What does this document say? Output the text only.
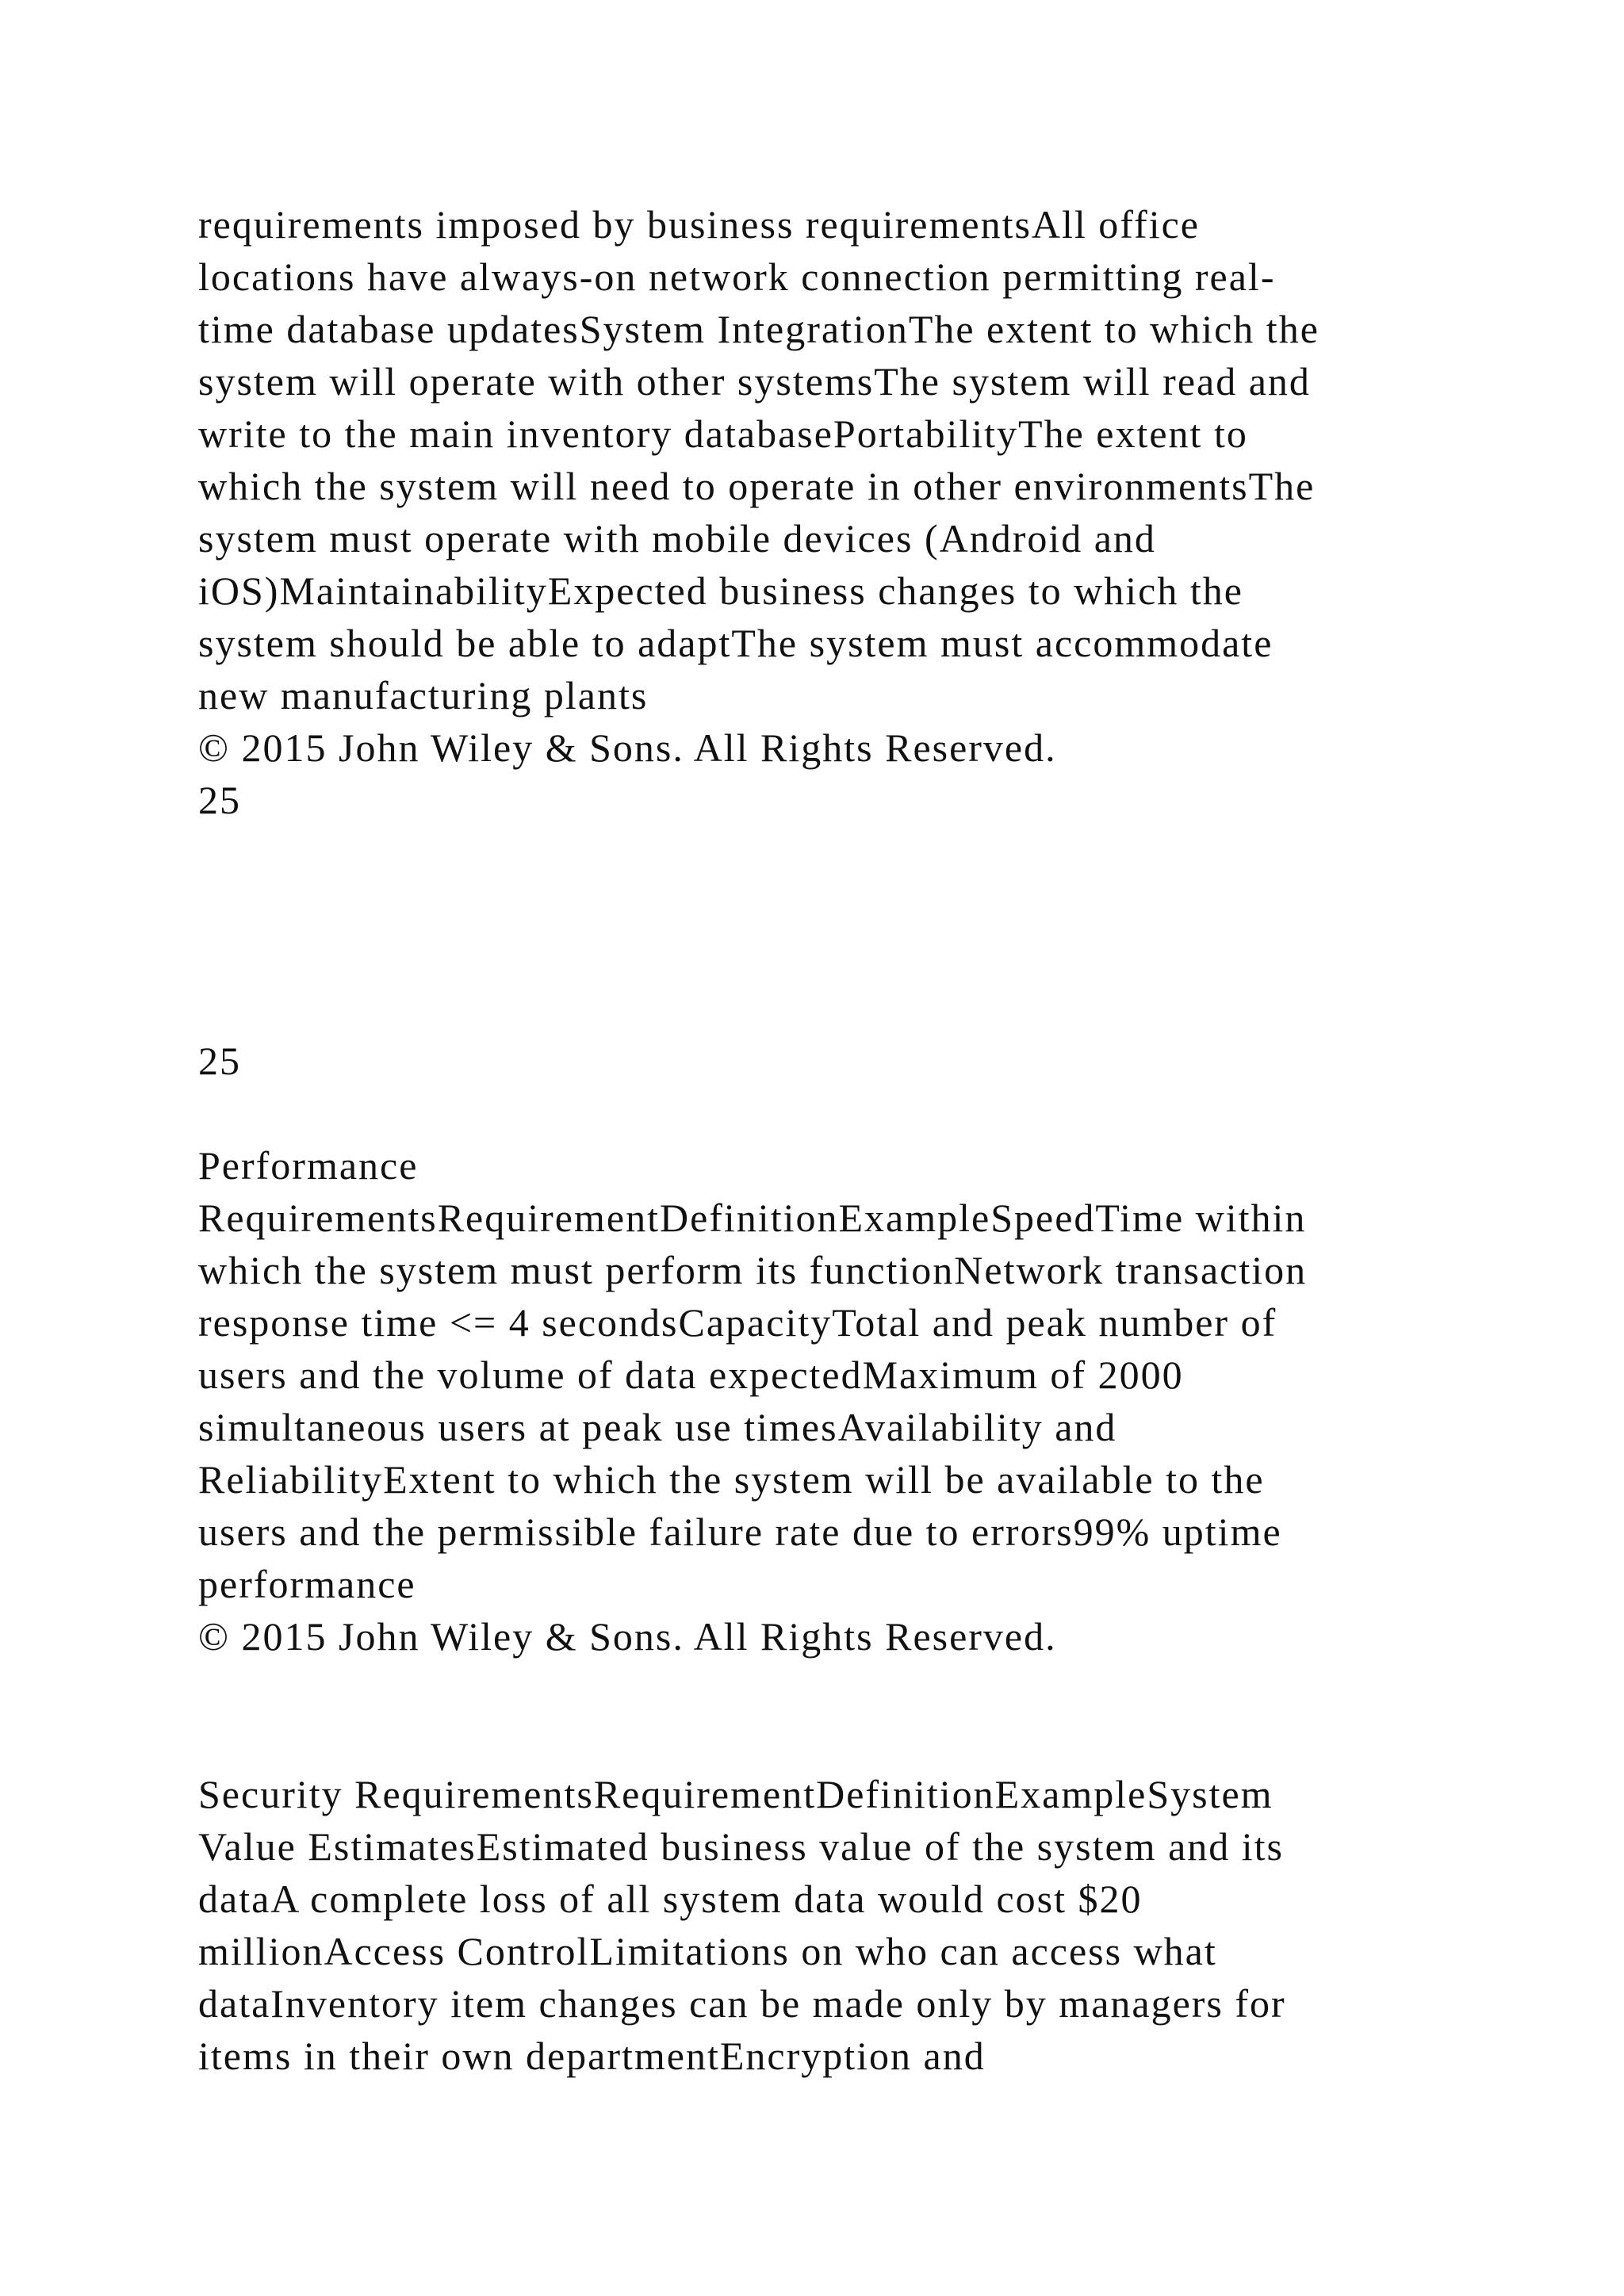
requirements imposed by business requirementsAll office
locations have always-on network connection permitting real-
time database updatesSystem IntegrationThe extent to which the
system will operate with other systemsThe system will read and
write to the main inventory databasePortabilityThe extent to
which the system will need to operate in other environmentsThe
system must operate with mobile devices (Android and
iOS)MaintainabilityExpected business changes to which the
system should be able to adaptThe system must accommodate
new manufacturing plants
© 2015 John Wiley & Sons. All Rights Reserved.
25
25
Performance
RequirementsRequirementDefinitionExampleSpeedTime within
which the system must perform its functionNetwork transaction
response time <= 4 secondsCapacityTotal and peak number of
users and the volume of data expectedMaximum of 2000
simultaneous users at peak use timesAvailability and
ReliabilityExtent to which the system will be available to the
users and the permissible failure rate due to errors99% uptime
performance
© 2015 John Wiley & Sons. All Rights Reserved.
Security RequirementsRequirementDefinitionExampleSystem
Value EstimatesEstimated business value of the system and its
dataA complete loss of all system data would cost $20
millionAccess ControlLimitations on who can access what
dataInventory item changes can be made only by managers for
items in their own departmentEncryption and
